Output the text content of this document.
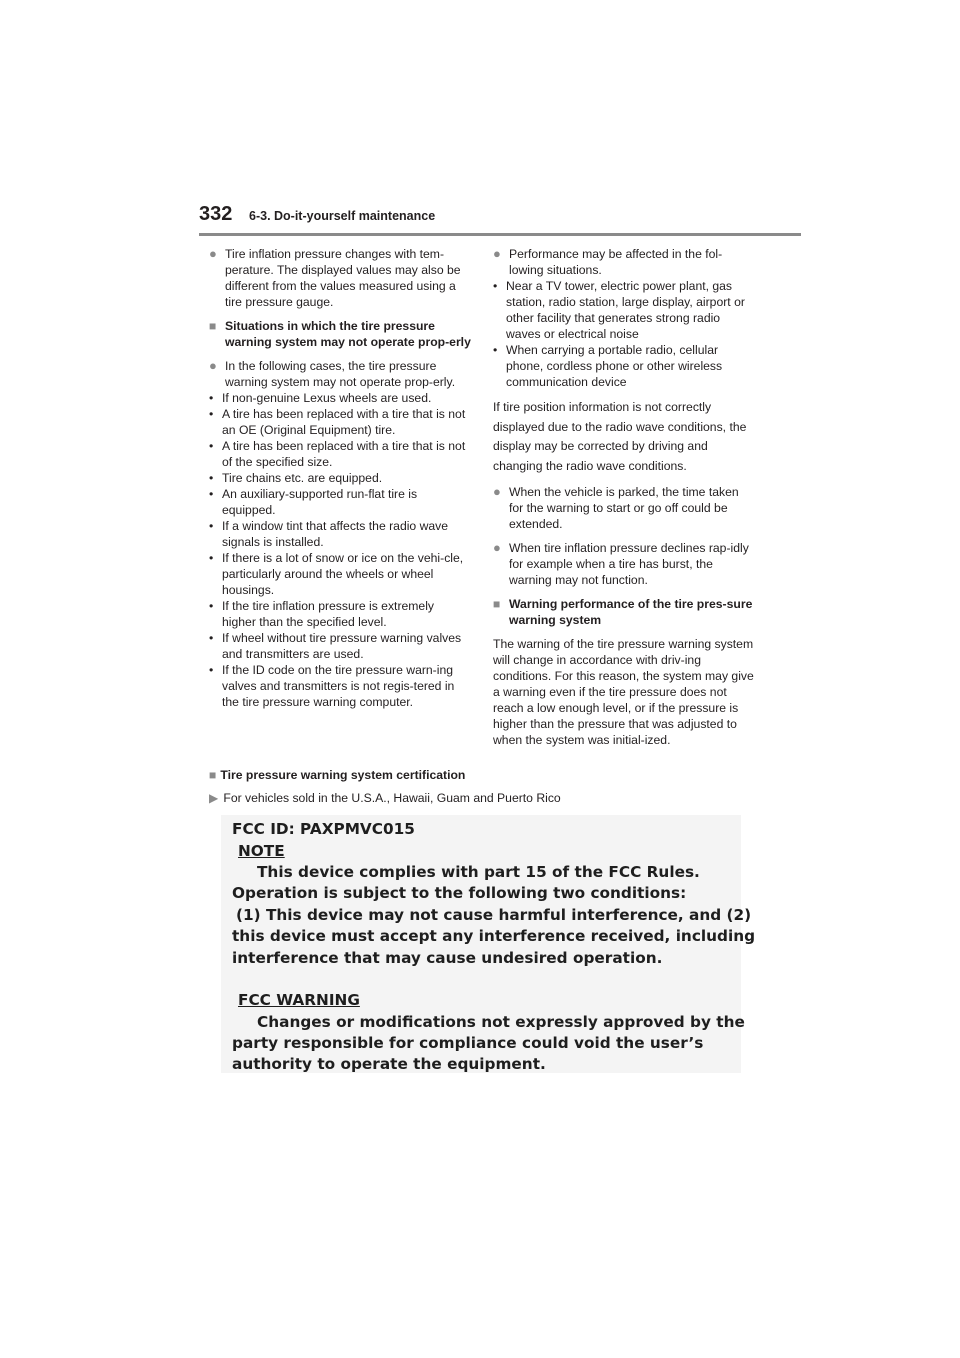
332 6-3. Do-it-yourself maintenance
● Tire inflation pressure changes with tem-perature. The displayed values may also be different from the values measured using a tire pressure gauge.
■ Situations in which the tire pressure warning system may not operate prop-erly
● In the following cases, the tire pressure warning system may not operate prop-erly.
• If non-genuine Lexus wheels are used.
• A tire has been replaced with a tire that is not an OE (Original Equipment) tire.
• A tire has been replaced with a tire that is not of the specified size.
• Tire chains etc. are equipped.
• An auxiliary-supported run-flat tire is equipped.
• If a window tint that affects the radio wave signals is installed.
• If there is a lot of snow or ice on the vehi-cle, particularly around the wheels or wheel housings.
• If the tire inflation pressure is extremely higher than the specified level.
• If wheel without tire pressure warning valves and transmitters are used.
• If the ID code on the tire pressure warn-ing valves and transmitters is not regis-tered in the tire pressure warning computer.
● Performance may be affected in the fol-lowing situations.
• Near a TV tower, electric power plant, gas station, radio station, large display, airport or other facility that generates strong radio waves or electrical noise
• When carrying a portable radio, cellular phone, cordless phone or other wireless communication device
If tire position information is not correctly displayed due to the radio wave conditions, the display may be corrected by driving and changing the radio wave conditions.
● When the vehicle is parked, the time taken for the warning to start or go off could be extended.
● When tire inflation pressure declines rap-idly for example when a tire has burst, the warning may not function.
■ Warning performance of the tire pres-sure warning system
The warning of the tire pressure warning system will change in accordance with driv-ing conditions. For this reason, the system may give a warning even if the tire pressure does not reach a low enough level, or if the pressure is higher than the pressure that was adjusted to when the system was initial-ized.
■ Tire pressure warning system certification
▶ For vehicles sold in the U.S.A., Hawaii, Guam and Puerto Rico
FCC ID: PAXPMVC015
NOTE
This device complies with part 15 of the FCC Rules.
Operation is subject to the following two conditions:
(1) This device may not cause harmful interference, and (2)
this device must accept any interference received, including
interference that may cause undesired operation.
FCC WARNING
Changes or modifications not expressly approved by the
party responsible for compliance could void the user’s
authority to operate the equipment.
